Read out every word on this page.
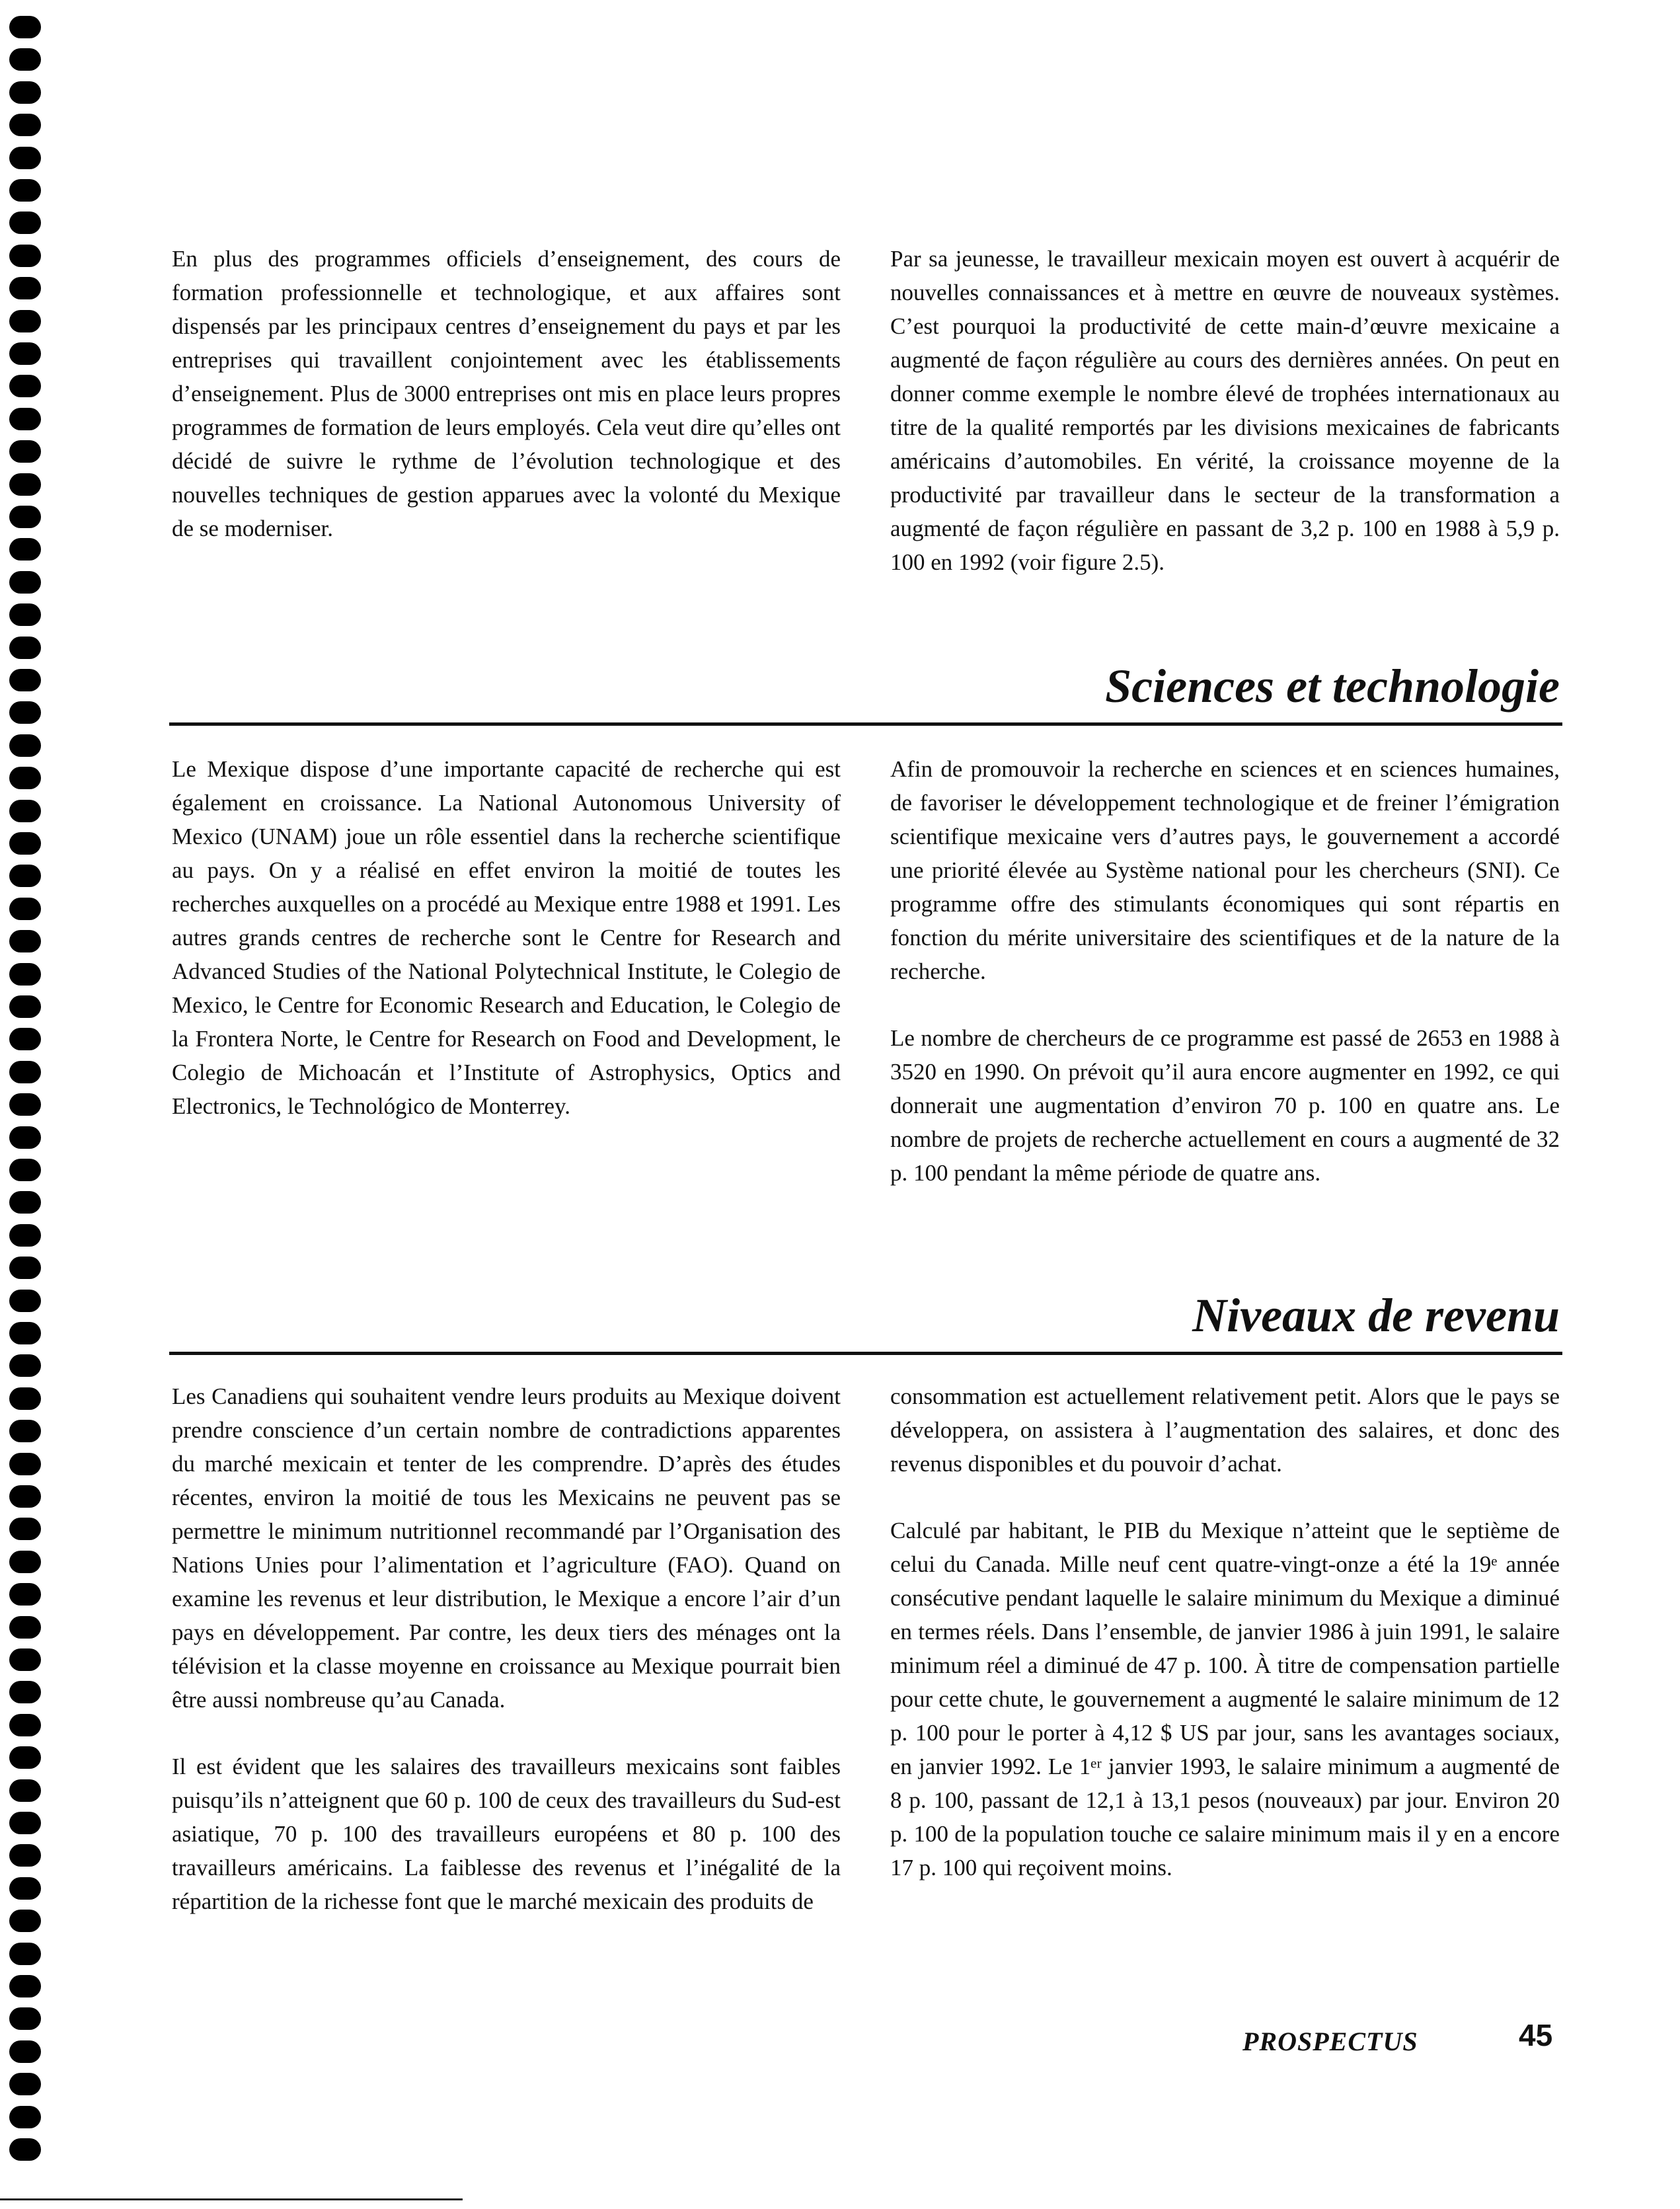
En plus des programmes officiels d’enseignement, des cours de formation professionnelle et technologique, et aux affaires sont dispensés par les principaux centres d’enseignement du pays et par les entreprises qui travaillent conjointement avec les établissements d’enseignement. Plus de 3000 entreprises ont mis en place leurs propres programmes de formation de leurs employés. Cela veut dire qu’elles ont décidé de suivre le rythme de l’évolution technologique et des nouvelles techniques de gestion apparues avec la volonté du Mexique de se moderniser.

Par sa jeunesse, le travailleur mexicain moyen est ouvert à acquérir de nouvelles connaissances et à mettre en œuvre de nouveaux systèmes. C’est pourquoi la productivité de cette main-d’œuvre mexicaine a augmenté de façon régulière au cours des dernières années. On peut en donner comme exemple le nombre élevé de trophées internationaux au titre de la qualité remportés par les divisions mexicaines de fabricants américains d’automobiles. En vérité, la croissance moyenne de la productivité par travailleur dans le secteur de la transformation a augmenté de façon régulière en passant de 3,2 p. 100 en 1988 à 5,9 p. 100 en 1992 (voir figure 2.5).

Sciences et technologie

Le Mexique dispose d’une importante capacité de recherche qui est également en croissance. La National Autonomous University of Mexico (UNAM) joue un rôle essentiel dans la recherche scientifique au pays. On y a réalisé en effet environ la moitié de toutes les recherches auxquelles on a procédé au Mexique entre 1988 et 1991. Les autres grands centres de recherche sont le Centre for Research and Advanced Studies of the National Polytechnical Institute, le Colegio de Mexico, le Centre for Economic Research and Education, le Colegio de la Frontera Norte, le Centre for Research on Food and Development, le Colegio de Michoacán et l’Institute of Astrophysics, Optics and Electronics, le Technológico de Monterrey.

Afin de promouvoir la recherche en sciences et en sciences humaines, de favoriser le développement technologique et de freiner l’émigration scientifique mexicaine vers d’autres pays, le gouvernement a accordé une priorité élevée au Système national pour les chercheurs (SNI). Ce programme offre des stimulants économiques qui sont répartis en fonction du mérite universitaire des scientifiques et de la nature de la recherche.

Le nombre de chercheurs de ce programme est passé de 2653 en 1988 à 3520 en 1990. On prévoit qu’il aura encore augmenter en 1992, ce qui donnerait une augmentation d’environ 70 p. 100 en quatre ans. Le nombre de projets de recherche actuellement en cours a augmenté de 32 p. 100 pendant la même période de quatre ans.

Niveaux de revenu

Les Canadiens qui souhaitent vendre leurs produits au Mexique doivent prendre conscience d’un certain nombre de contradictions apparentes du marché mexicain et tenter de les comprendre. D’après des études récentes, environ la moitié de tous les Mexicains ne peuvent pas se permettre le minimum nutritionnel recommandé par l’Organisation des Nations Unies pour l’alimentation et l’agriculture (FAO). Quand on examine les revenus et leur distribution, le Mexique a encore l’air d’un pays en développement. Par contre, les deux tiers des ménages ont la télévision et la classe moyenne en croissance au Mexique pourrait bien être aussi nombreuse qu’au Canada.

Il est évident que les salaires des travailleurs mexicains sont faibles puisqu’ils n’atteignent que 60 p. 100 de ceux des travailleurs du Sud-est asiatique, 70 p. 100 des travailleurs européens et 80 p. 100 des travailleurs américains. La faiblesse des revenus et l’inégalité de la répartition de la richesse font que le marché mexicain des produits de

consommation est actuellement relativement petit. Alors que le pays se développera, on assistera à l’augmentation des salaires, et donc des revenus disponibles et du pouvoir d’achat.

Calculé par habitant, le PIB du Mexique n’atteint que le septième de celui du Canada. Mille neuf cent quatre-vingt-onze a été la 19ᵉ année consécutive pendant laquelle le salaire minimum du Mexique a diminué en termes réels. Dans l’ensemble, de janvier 1986 à juin 1991, le salaire minimum réel a diminué de 47 p. 100. À titre de compensation partielle pour cette chute, le gouvernement a augmenté le salaire minimum de 12 p. 100 pour le porter à 4,12 $ US par jour, sans les avantages sociaux, en janvier 1992. Le 1ᵉʳ janvier 1993, le salaire minimum a augmenté de 8 p. 100, passant de 12,1 à 13,1 pesos (nouveaux) par jour. Environ 20 p. 100 de la population touche ce salaire minimum mais il y en a encore 17 p. 100 qui reçoivent moins.

PROSPECTUS	45
